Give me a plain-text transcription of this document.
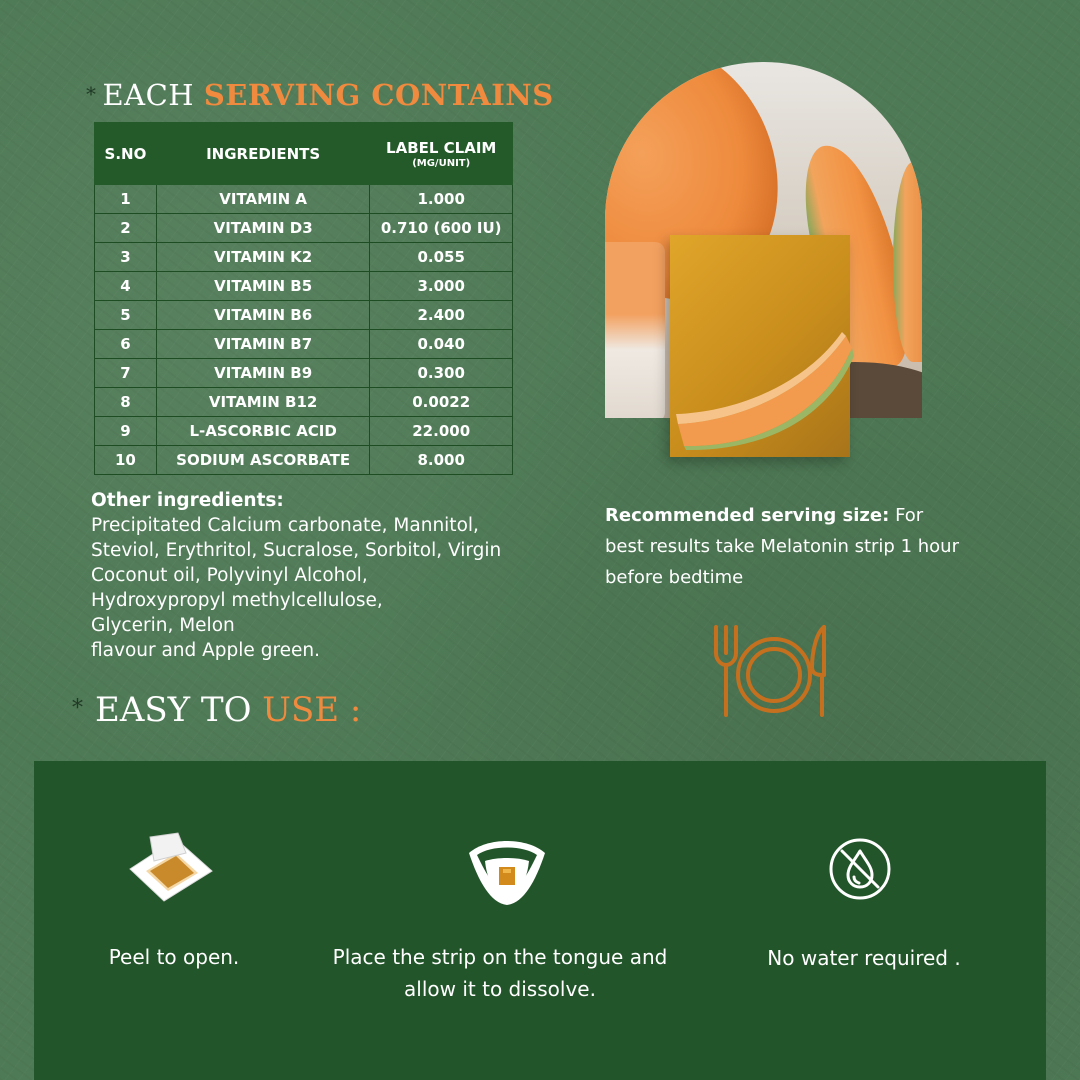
* EACH SERVING CONTAINS
S.NO	INGREDIENTS	LABEL CLAIM
(MG/UNIT)

1	VITAMIN A	1.000
2	VITAMIN D3	0.710 (600 IU)
3	VITAMIN K2	0.055
4	VITAMIN B5	3.000
5	VITAMIN B6	2.400
6	VITAMIN B7	0.040
7	VITAMIN B9	0.300
8	VITAMIN B12	0.0022
9	L-ASCORBIC ACID	22.000
10	SODIUM ASCORBATE	8.000
Other ingredients:
Precipitated Calcium carbonate, Mannitol,
Steviol, Erythritol, Sucralose, Sorbitol, Virgin
Coconut oil, Polyvinyl Alcohol,
Hydroxypropyl methylcellulose,
Glycerin, Melon
flavour and Apple green.
Recommended serving size: For best results take Melatonin strip 1 hour before bedtime
* EASY TO USE :
Peel to open.	Place the strip on the tongue and
allow it to dissolve.
No water required .
